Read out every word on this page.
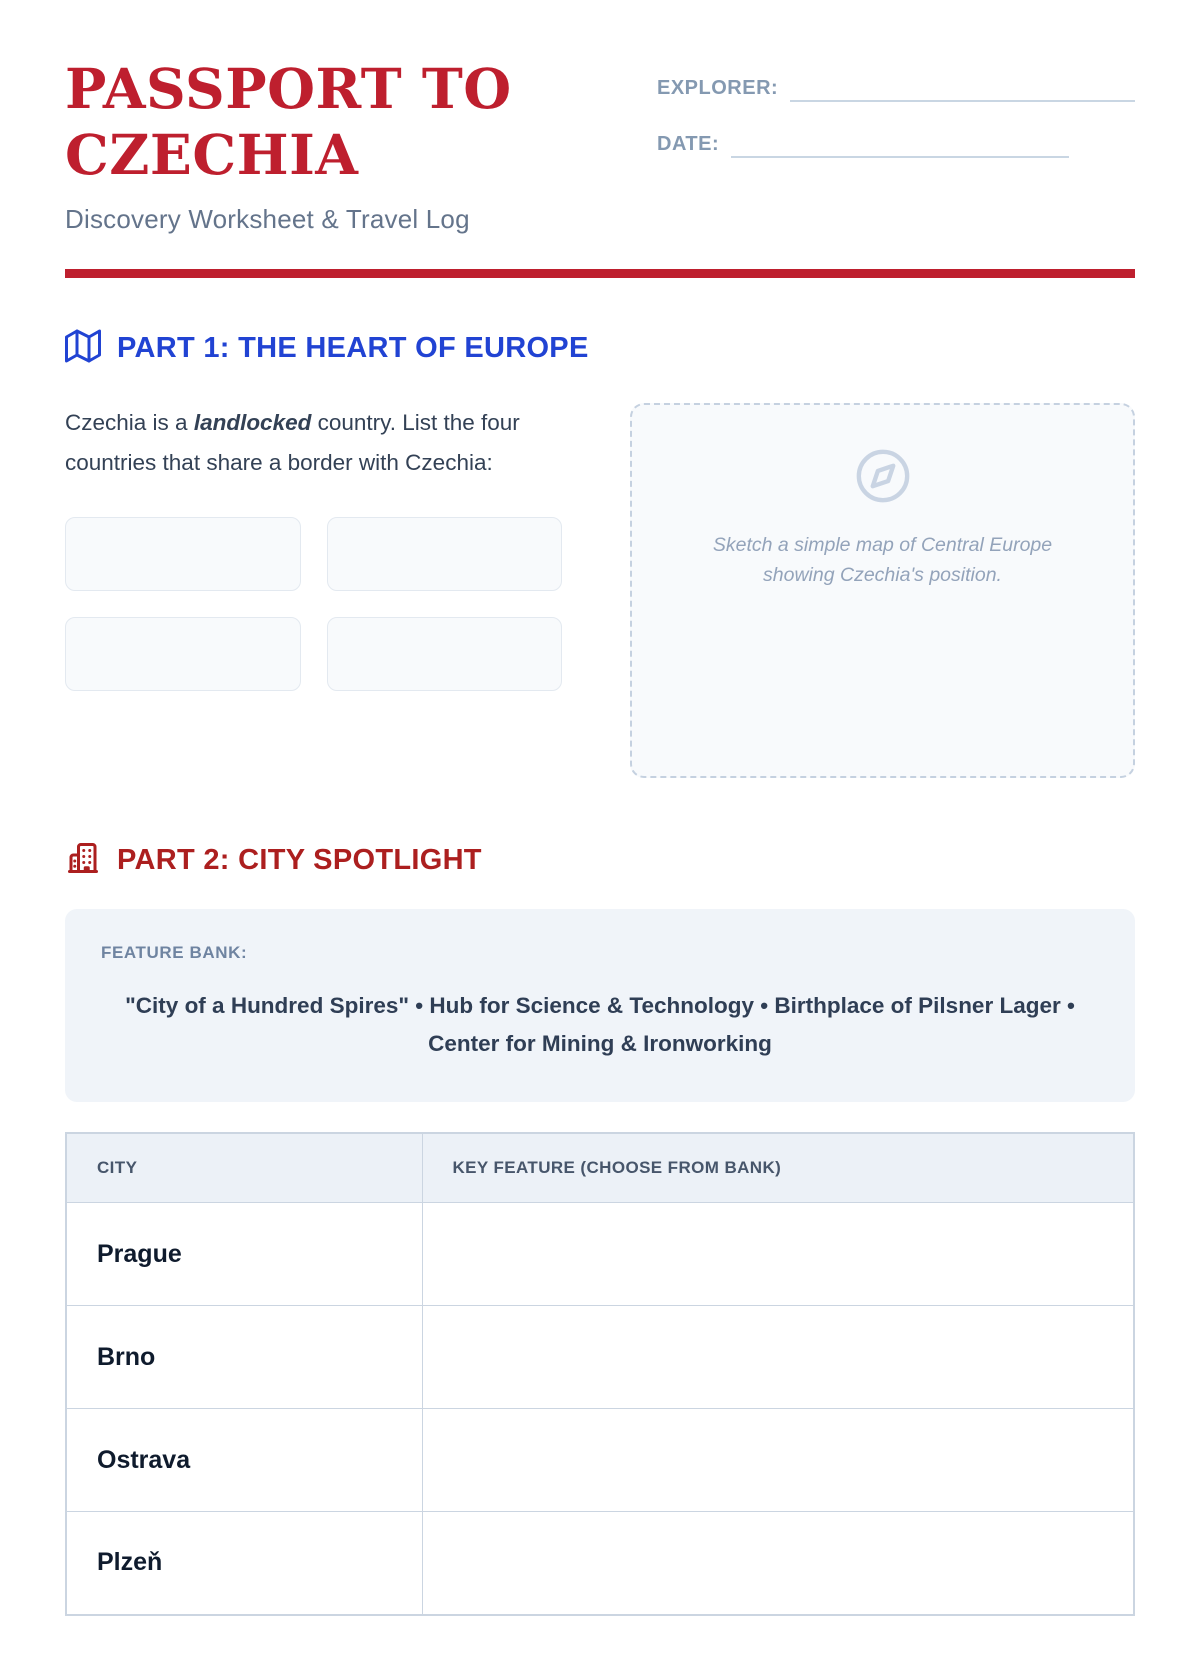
PASSPORT TO
CZECHIA
Discovery Worksheet & Travel Log
EXPLORER:
DATE:
PART 1: THE HEART OF EUROPE

Czechia is a landlocked country. List the four countries that share a border with Czechia:

Sketch a simple map of Central Europe
showing Czechia's position.

PART 2: CITY SPOTLIGHT
FEATURE BANK:
"City of a Hundred Spires" • Hub for Science & Technology • Birthplace of Pilsner Lager • Center for Mining & Ironworking
CITY	KEY FEATURE (CHOOSE FROM BANK)
Prague	
Brno	
Ostrava	
Plzeň	
